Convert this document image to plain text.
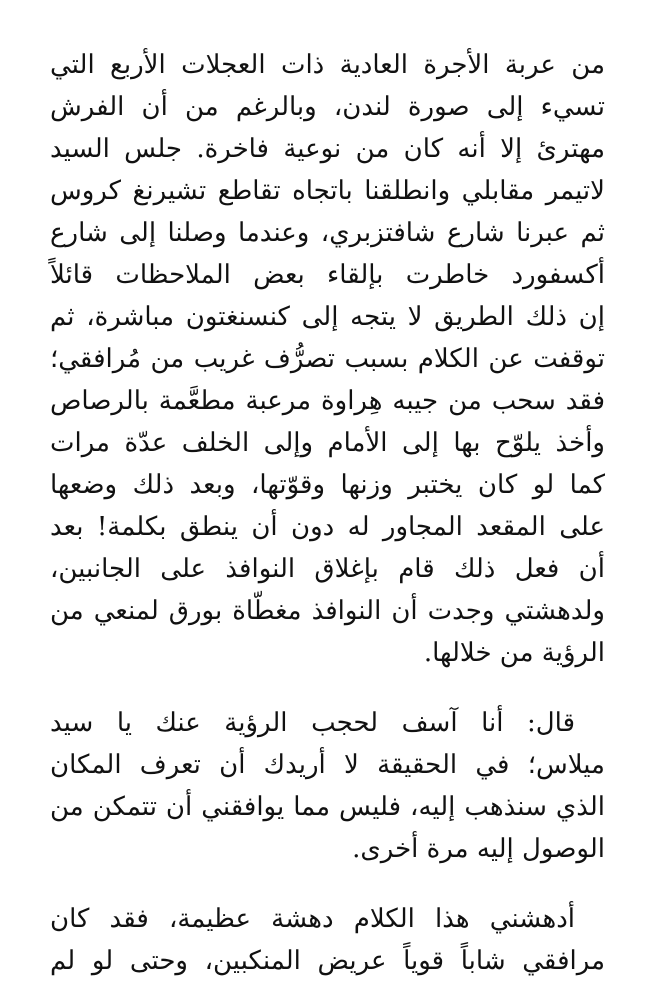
من عربة الأجرة العادية ذات العجلات الأربع التي
تسيء إلى صورة لندن، وبالرغم من أن الفرش
مهترئ إلا أنه كان من نوعية فاخرة. جلس السيد
لاتيمر مقابلي وانطلقنا باتجاه تقاطع تشيرنغ كروس
ثم عبرنا شارع شافتزبري، وعندما وصلنا إلى شارع
أكسفورد خاطرت بإلقاء بعض الملاحظات قائلاً
إن ذلك الطريق لا يتجه إلى كنسنغتون مباشرة، ثم
توقفت عن الكلام بسبب تصرُّف غريب من مُرافقي؛
فقد سحب من جيبه هِراوة مرعبة مطعَّمة بالرصاص
وأخذ يلوّح بها إلى الأمام وإلى الخلف عدّة مرات
كما لو كان يختبر وزنها وقوّتها، وبعد ذلك وضعها
على المقعد المجاور له دون أن ينطق بكلمة! بعد
أن فعل ذلك قام بإغلاق النوافذ على الجانبين،
ولدهشتي وجدت أن النوافذ مغطّاة بورق لمنعي من
الرؤية من خلالها.
قال: أنا آسف لحجب الرؤية عنك يا سيد
ميلاس؛ في الحقيقة لا أريدك أن تعرف المكان
الذي سنذهب إليه، فليس مما يوافقني أن تتمكن من
الوصول إليه مرة أخرى.
أدهشني هذا الكلام دهشة عظيمة، فقد كان
مرافقي شاباً قوياً عريض المنكبين، وحتى لو لم
